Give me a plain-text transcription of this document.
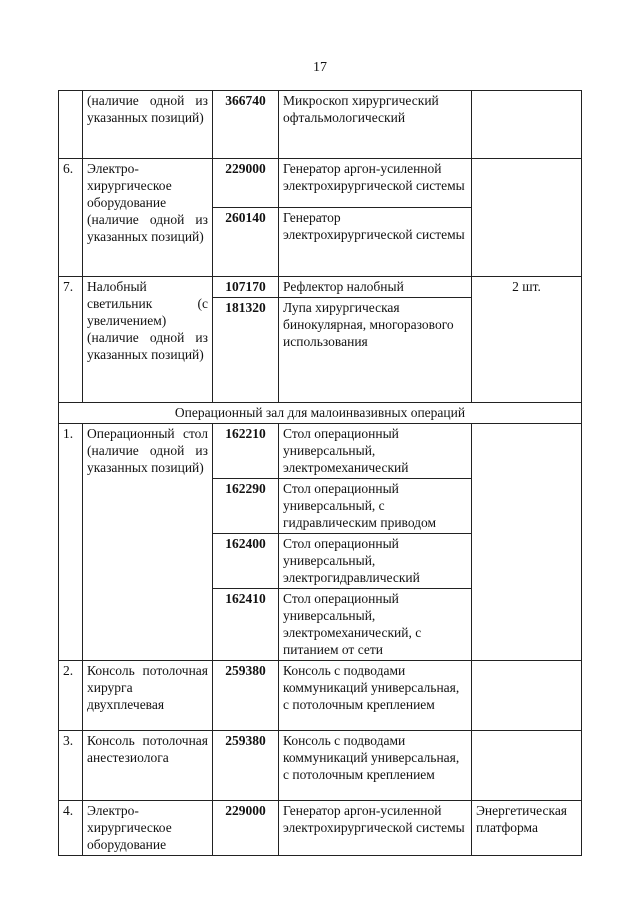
17
	(наличие одной из указанных позиций)	366740	Микроскоп хирургический офтальмологический	
6.	Электро-хирургическое оборудование (наличие одной из указанных позиций)	229000	Генератор аргон-усиленной электрохирургической системы	
		260140	Генератор электрохирургической системы	
7.	Налобный светильник (с увеличением) (наличие одной из указанных позиций)	107170	Рефлектор налобный	2 шт.
		181320	Лупа хирургическая бинокулярная, многоразового использования	
Операционный зал для малоинвазивных операций				
1.	Операционный стол (наличие одной из указанных позиций)	162210	Стол операционный универсальный, электромеханический	
		162290	Стол операционный универсальный, с гидравлическим приводом	
		162400	Стол операционный универсальный, электрогидравлический	
		162410	Стол операционный универсальный, электромеханический, с питанием от сети	
2.	Консоль потолочная хирурга двухплечевая	259380	Консоль с подводами коммуникаций универсальная, с потолочным креплением	
3.	Консоль потолочная анестезиолога	259380	Консоль с подводами коммуникаций универсальная, с потолочным креплением	
4.	Электро-хирургическое оборудование	229000	Генератор аргон-усиленной электрохирургической системы	Энергетическая платформа
